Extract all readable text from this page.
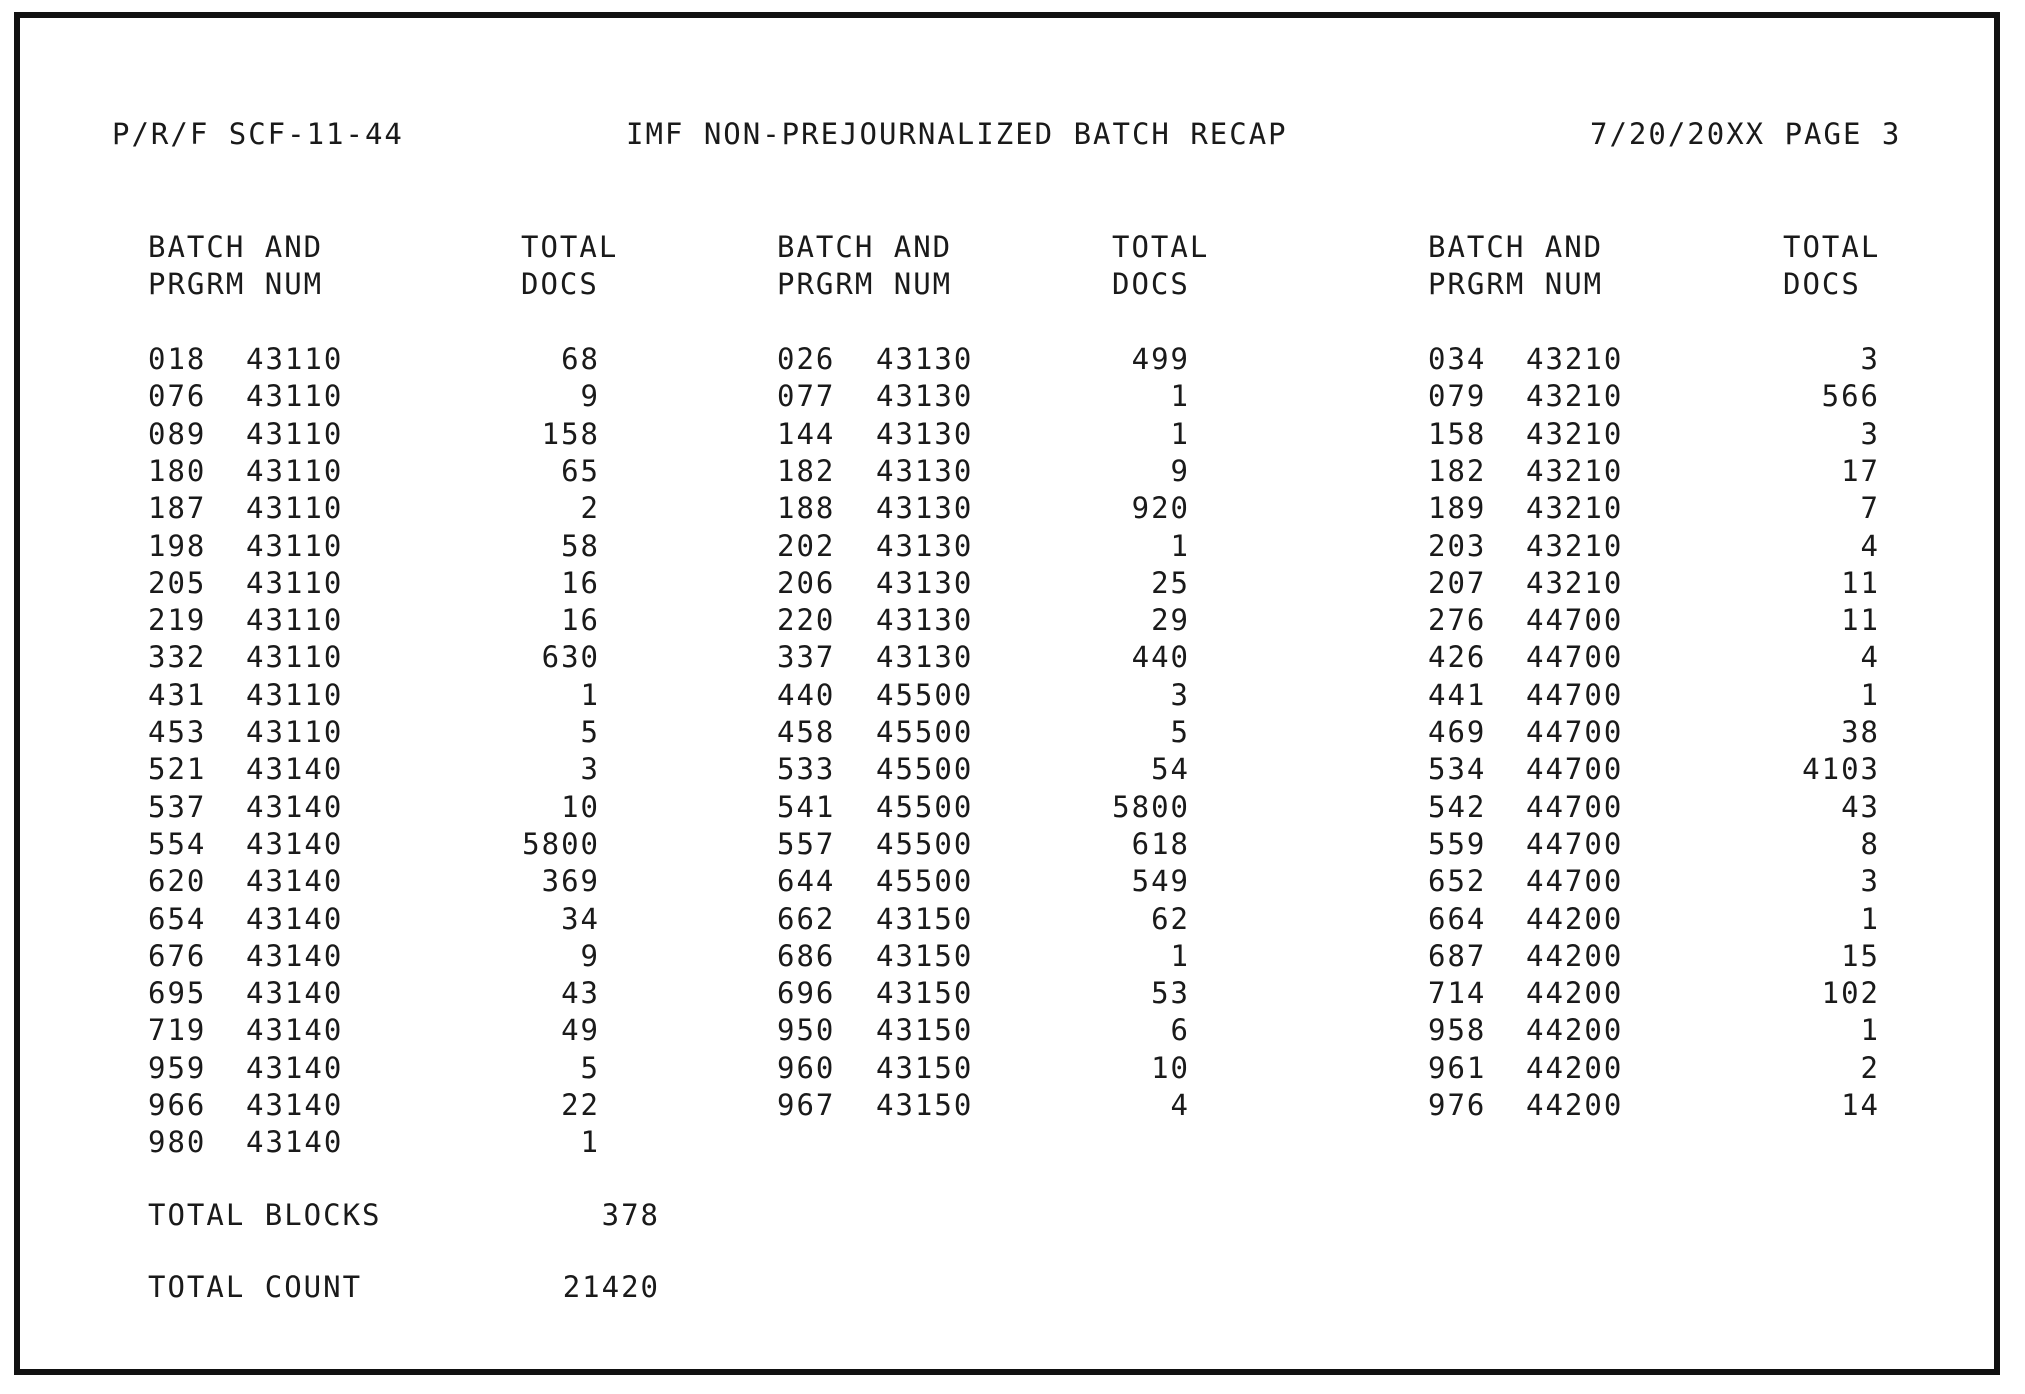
P/R/F SCF-11-44	IMF NON-PREJOURNALIZED BATCH RECAP	7/20/20XX PAGE 3
BATCH AND
PRGRM NUM
TOTAL
DOCS
BATCH AND
PRGRM NUM
TOTAL
DOCS
BATCH AND
PRGRM NUM
TOTAL
DOCS
018 43110	68
076 43110	9
089 43110	158
180 43110	65
187 43110	2
198 43110	58
205 43110	16
219 43110	16
332 43110	630
431 43110	1
453 43110	5
521 43140	3
537 43140	10
554 43140	5800
620 43140	369
654 43140	34
676 43140	9
695 43140	43
719 43140	49
959 43140	5
966 43140	22
980 43140	1
026 43130	499
077 43130	1
144 43130	1
182 43130	9
188 43130	920
202 43130	1
206 43130	25
220 43130	29
337 43130	440
440 45500	3
458 45500	5
533 45500	54
541 45500	5800
557 45500	618
644 45500	549
662 43150	62
686 43150	1
696 43150	53
950 43150	6
960 43150	10
967 43150	4
034 43210	3
079 43210	566
158 43210	3
182 43210	17
189 43210	7
203 43210	4
207 43210	11
276 44700	11
426 44700	4
441 44700	1
469 44700	38
534 44700	4103
542 44700	43
559 44700	8
652 44700	3
664 44200	1
687 44200	15
714 44200	102
958 44200	1
961 44200	2
976 44200	14
TOTAL BLOCKS	378
TOTAL COUNT	21420
